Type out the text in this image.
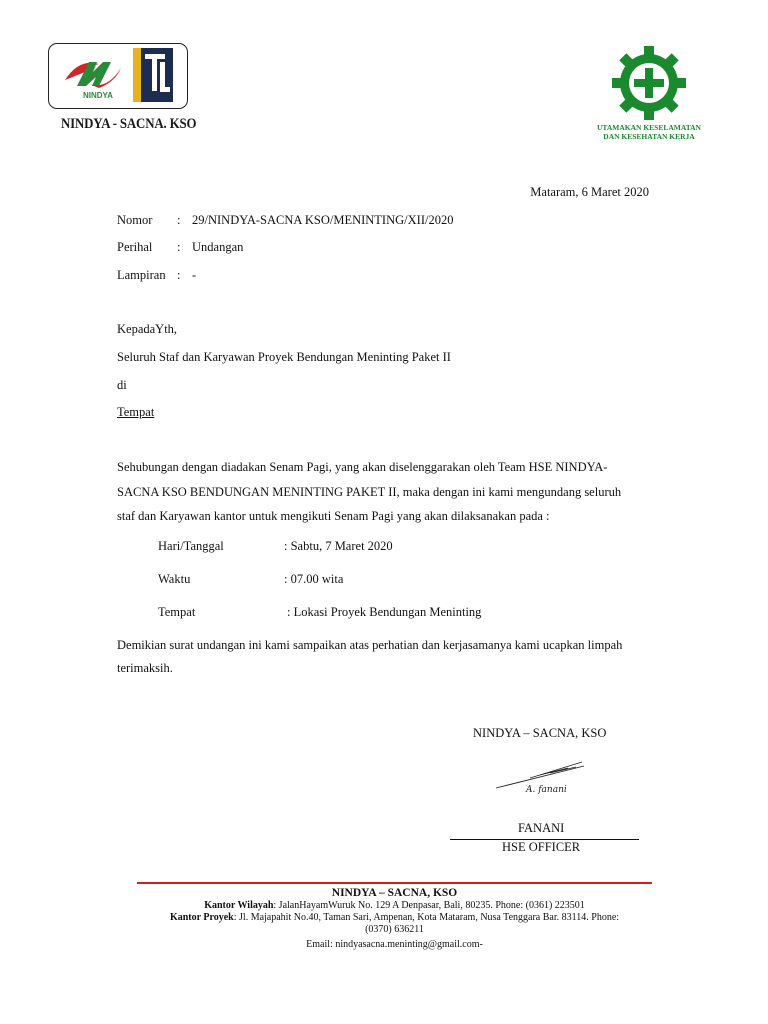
NINDYA
NINDYA - SACNA. KSO	UTAMAKAN KESELAMATAN
DAN KESEHATAN KERJA
Mataram, 6 Maret 2020
Nomor : 29/NINDYA-SACNA KSO/MENINTING/XII/2020
Perihal : Undangan
Lampiran : -
KepadaYth,
Seluruh Staf dan Karyawan Proyek Bendungan Meninting Paket II
di
Tempat
Sehubungan dengan diadakan Senam Pagi, yang akan diselenggarakan oleh Team HSE NINDYA-
SACNA KSO BENDUNGAN MENINTING PAKET II, maka dengan ini kami mengundang seluruh
staf dan Karyawan kantor untuk mengikuti Senam Pagi yang akan dilaksanakan pada :
Hari/Tanggal	: Sabtu, 7 Maret 2020
Waktu	: 07.00 wita
Tempat	: Lokasi Proyek Bendungan Meninting
Demikian surat undangan ini kami sampaikan atas perhatian dan kerjasamanya kami ucapkan limpah
terimaksih.
NINDYA – SACNA, KSO
A. fanani
FANANI
HSE OFFICER
NINDYA – SACNA, KSO
Kantor Wilayah: JalanHayamWuruk No. 129 A Denpasar, Bali, 80235. Phone: (0361) 223501
Kantor Proyek: Jl. Majapahit No.40, Taman Sari, Ampenan, Kota Mataram, Nusa Tenggara Bar. 83114. Phone:
(0370) 636211
Email: nindyasacna.meninting@gmail.com-
